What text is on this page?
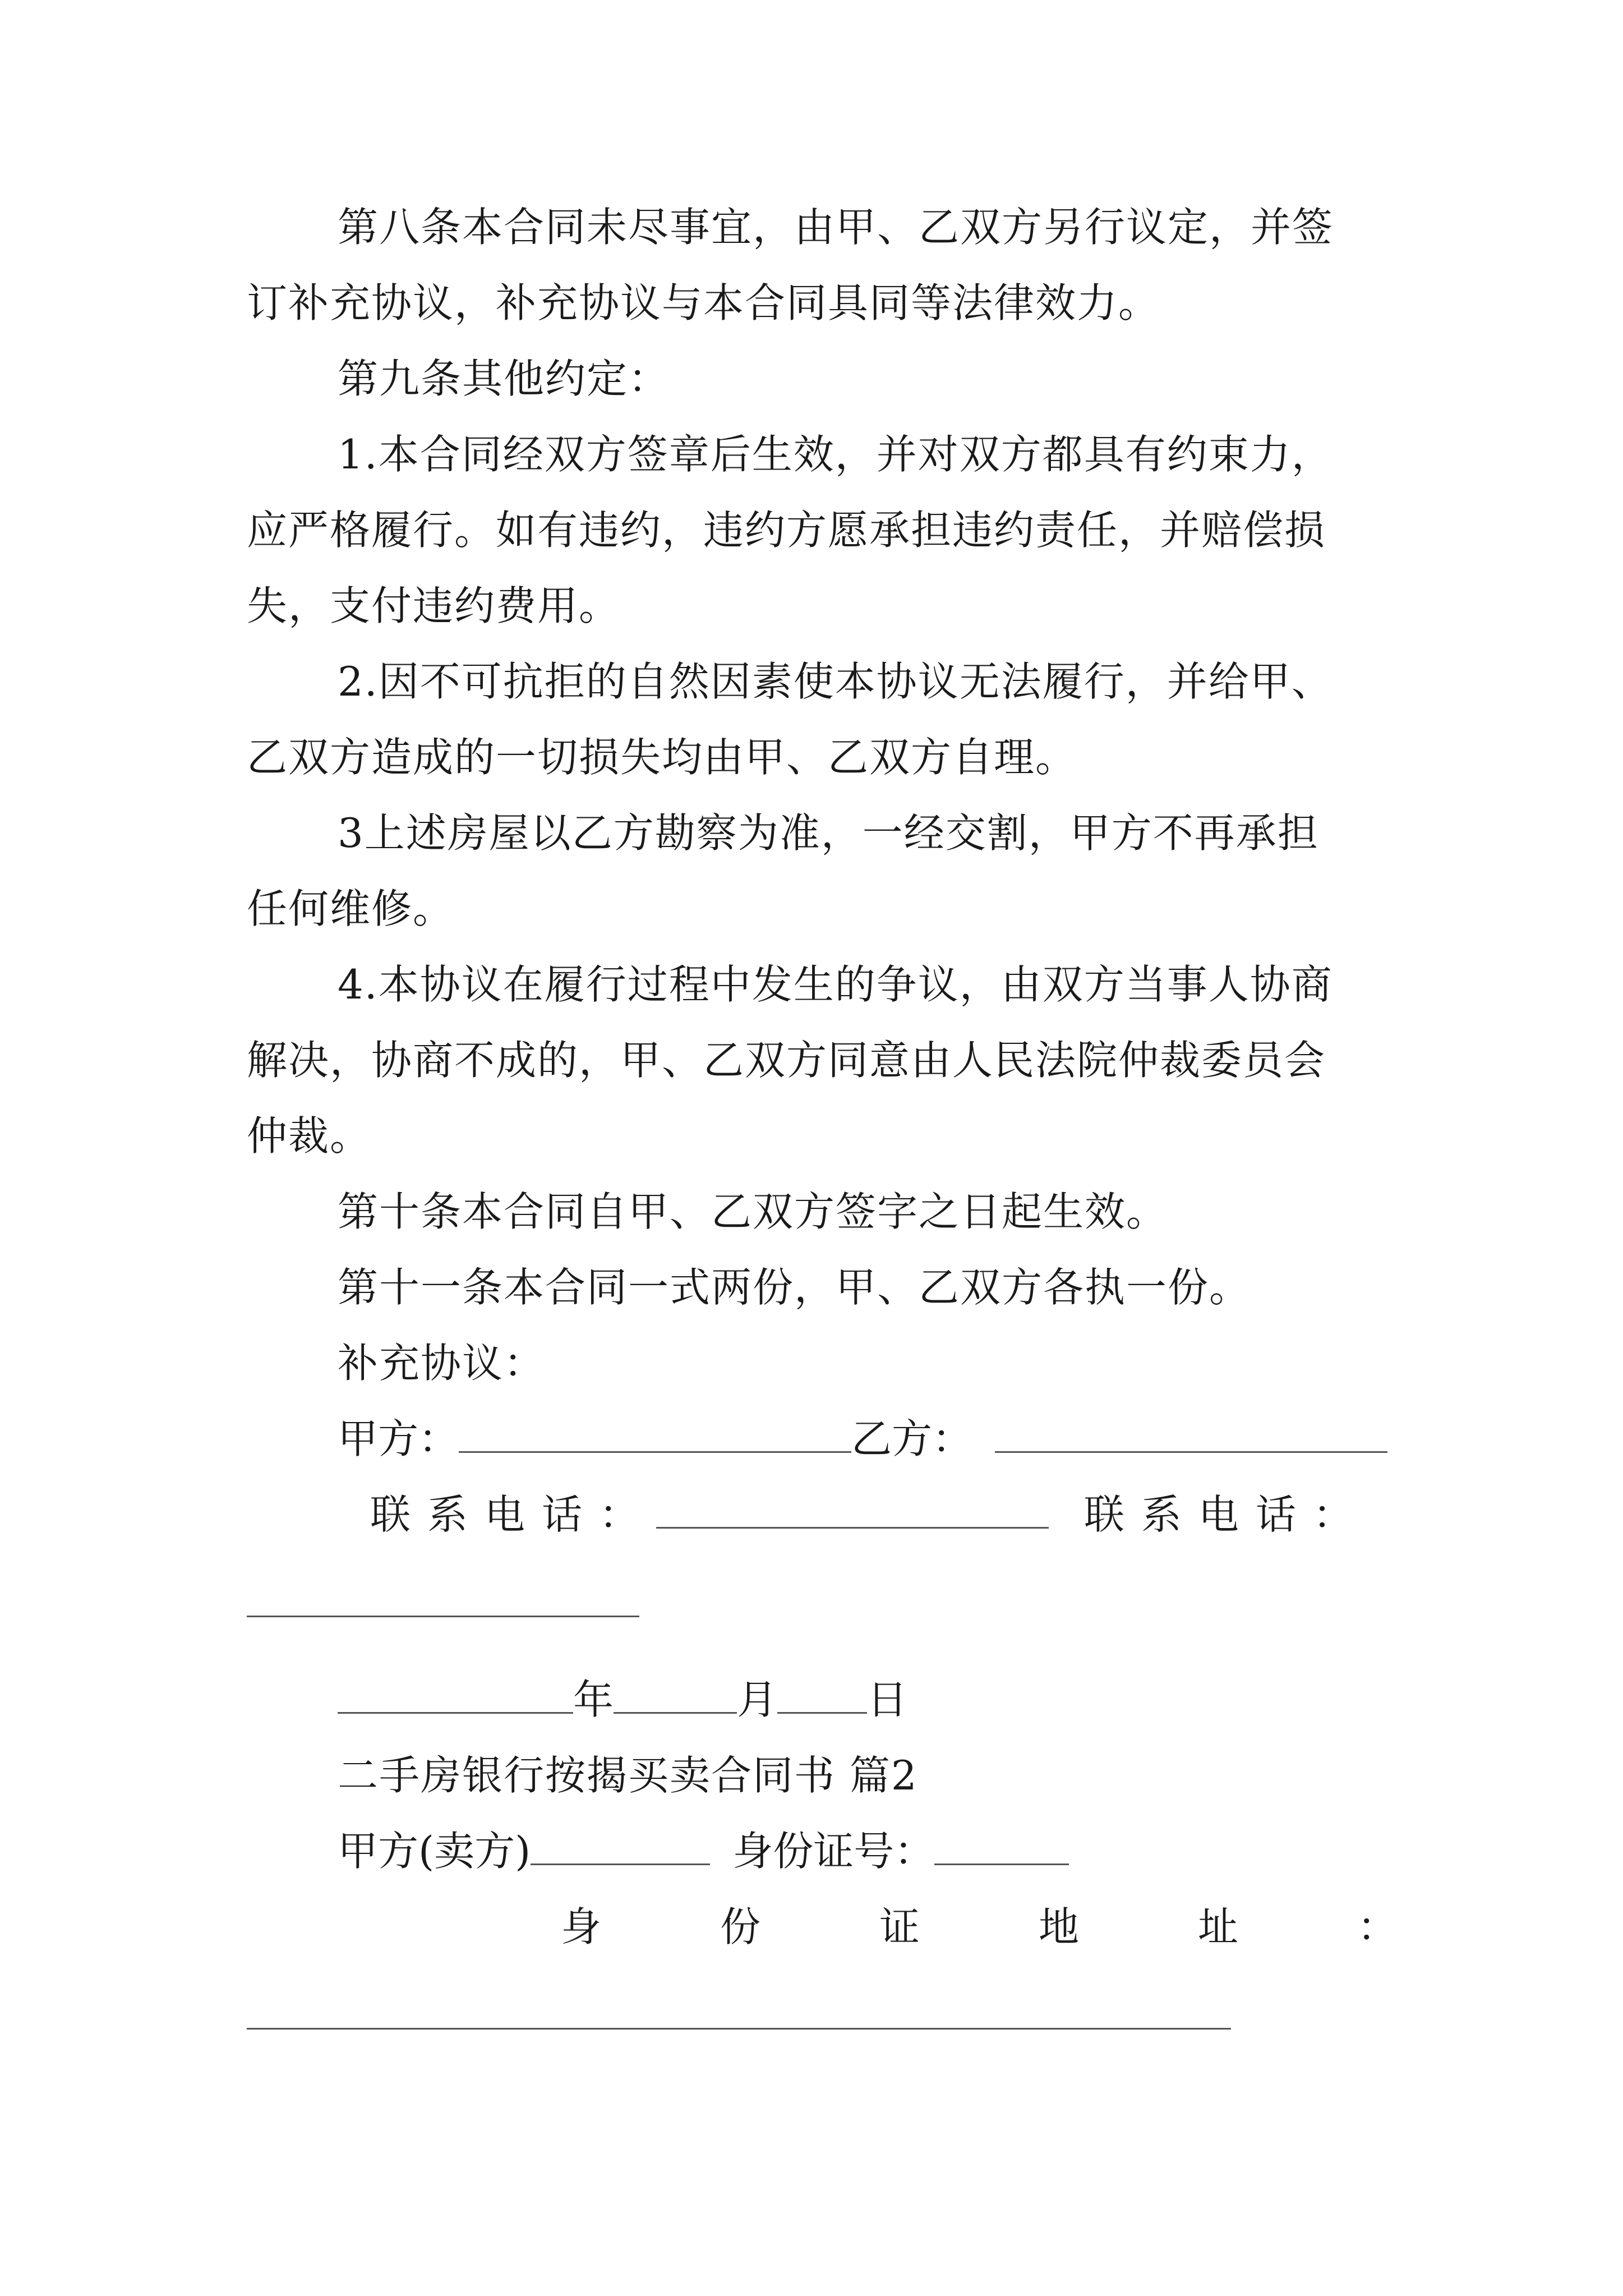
第八条本合同未尽事宜，由甲、乙双方另行议定，并签
订补充协议，补充协议与本合同具同等法律效力。
第九条其他约定：
1.本合同经双方签章后生效，并对双方都具有约束力，
应严格履行。如有违约，违约方愿承担违约责任，并赔偿损
失，支付违约费用。
2.因不可抗拒的自然因素使本协议无法履行，并给甲、
乙双方造成的一切损失均由甲、乙双方自理。
3上述房屋以乙方勘察为准，一经交割，甲方不再承担
任何维修。
4.本协议在履行过程中发生的争议，由双方当事人协商
解决，协商不成的，甲、乙双方同意由人民法院仲裁委员会
仲裁。
第十条本合同自甲、乙双方签字之日起生效。
第十一条本合同一式两份，甲、乙双方各执一份。
补充协议：
甲方：	乙方：
联系电话：	联系电话：
年	月 日
二手房银行按揭买卖合同书 篇2
甲方(卖方)	身份证号：
身份证地址：
